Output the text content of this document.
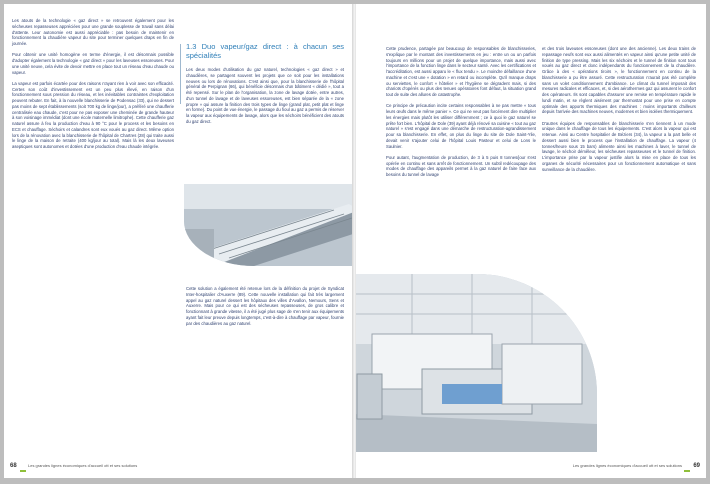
Les atouts de la technologie « gaz direct » se retrouvent également pour les sécheuses repasseuses appréciées pour une grande souplesse de travail sans délai d'attente. Leur autonomie est aussi appréciable : pas besoin de maintenir en fonctionnement la chaudière vapeur du site pour terminer quelques draps en fin de journée.

Pour obtenir une unité homogène en terme d'énergie, il est désormais possible d'adopter également la technologie « gaz direct » pour les laveuses essoreuses. Pour une unité neuve, cela évite de devoir mettre en place tout un réseau d'eau chaude ou vapeur.

La vapeur est parfois écartée pour des raisons n'ayant rien à voir avec son efficacité. Certes son coût d'investissement est un peu plus élevé, en raison d'un fonctionnement sous pression du réseau, et les inévitables contraintes d'exploitation peuvent rebuter. En fait, à la nouvelle blanchisserie de Podensac (33), qui ne dessert pas moins de sept établissements (soit 700 kg de linge/jour), a préféré une chaufferie centralisée eau chaude, c'est pour ne pas exposer une cheminée de grande hauteur à son voisinage immédiat (dont une école maternelle limitrophe). Cette chaufferie gaz naturel assure à feu la production d'eau à 90 °C pour le process et les besoins en ECS et chauffage. Séchoirs et calandres sont eux voués au gaz direct. Même option lors de la rénovation avec la blanchisserie de l'hôpital de Chartres (28) qui traite aussi le linge de la maison de retraite (400 kg/jour au total). Mais là les deux laveuses aseptiques sont autonomes et dotées d'une production d'eau chaude intégrée.

1.3 Duo vapeur/gaz direct : à chacun ses spécialités

Les deux modes d'utilisation du gaz naturel, technologies « gaz direct » et chaudières, se partagent souvent les projets que ce soit pour les installations neuves ou lors de rénovations. C'est ainsi que, pour la blanchisserie de l'hôpital général de Perpignan (66), qui bénéficie désormais d'un bâtiment « dédié », tout a été repensé. Sur le plan de l'organisation, la zone de lavage dotée, entre autres, d'un tunnel de lavage et de laveuses essoreuses, est bien séparée de la « zone propre » qui assure la finition des trois types de linge (grand plat, petit plat et linge en forme). Du point de vue énergie, le passage du fioul au gaz a permis de réserver la vapeur aux équipements de lavage, alors que les séchoirs bénéficient des atouts du gaz direct.

Cette solution a également été retenue lors de la définition du projet de Syndicat Inter-hospitalier d'Auxerre (89). Cette nouvelle installation qui fait très largement appel au gaz naturel dessert les hôpitaux des villes d'Avallon, Nemours, Sens et Auxerre. Mais pour ce qui est des sécheuses repasseuses, de gros calibre et fonctionnant à grande vitesse, il a été jugé plus sage de s'en tenir aux équipements ayant fait leur preuve depuis longtemps, c'est-à-dire à chauffage par vapeur, fournie par des chaudières au gaz naturel.

68	Les grandes lignes économiques d'accueil ott et ses solutions

Cette prudence, partagée par beaucoup de responsables de blanchisseries, s'explique par le montant des investissements en jeu : entre un ou un parfois toujours en millions pour un projet de quelque importance, mais aussi avec l'importance de la fonction linge dans le secteur santé. Avec les certifications et l'accréditation, est aussi apparu le « flux tendu ». Le moindre défaillance d'une machine et c'est une « dotation » en retard ou incomplète. Qu'il manque draps ou serviettes, le confort « hôtelier » et l'hygiène se dégradent mais, si des chariots d'opérés ou plus des tenues opératoires font défaut, la situation grand tout de suite des allures de catastrophe.

Ce principe de précaution incite certains responsables à ne pas mettre « tous leurs œufs dans le même panier ». Ce qui ne veut pas forcément dire multiplier les énergies mais plutôt les utiliser différemment ; ce à quoi le gaz naturel se prête fort bien. L'hôpital de Dole (39) ayant déjà rénové sa cuisine « tout au gaz naturel » s'est engagé dans une démarche de restructuration-agrandissement pour sa blanchisserie. En effet, on plus du linge du site de Dole Saint-Ylie, devait venir s'ajouter celui de l'hôpital Louis Pasteur et celui de Lons le Saulnier.

Pour autant, l'augmentation de production, de 3 à 5 puis 8 tonnes/jour s'est opérée en continu et sans arrêt de fonctionnement. Un subtil redécoupage des modes de chauffage des appareils permet à la gaz naturel de faire face aux besoins du tunnel de lavage

et des trois laveuses essoreuses (dont une des ancienne). Les deux trains de repassage neufs sont eux aussi alimentés en vapeur ainsi qu'une petite unité de finition de type pressing. Mais les six séchoirs et le tunnel de finition sont tous voués au gaz direct et donc indépendants du fonctionnement de la chaudière. Grâce à des « opérations tiroirs », le fonctionnement en continu de la blanchisserie a pu être assuré. Cette restructuration n'aurait pas été complète sans un volet conditionnement d'ambiance. Le climat du tunnel imposait des mesures radicales et efficaces, et, si des aérothermes gaz qui assurent le confort des opérateurs. Ils sont capables d'assurer une remise en température rapide le lundi matin, et se règlent aisément par thermostat pour une prise en compte optimale des apports thermiques des machines : moins importants d'ailleurs depuis l'arrivée des machines neuves, modernes et bien isolées thermiquement.

D'autres équipes de responsables de blanchisserie s'en tiennent à un mode unique dans le chauffage de tous les équipements. C'est alors la vapeur qui est retenue. Ainsi au Centre hospitalier de Béziers (34), la vapeur a la part belle et dessert aussi bien le process que l'installation de chauffage. La vapeur (4 tonnes/heure sous 15 bars) alimente ainsi les machines à laver, le tunnel de lavage, le séchoir démêleur, les sécheuses repasseuses et le tunnel de finition. L'importance prise par la vapeur justifie alors la mise en place de tous les organes de sécurité nécessaires pour un fonctionnement automatique et sans surveillance de la chaudière.

Les grandes lignes économiques d'accueil ott et ses solutions 69
